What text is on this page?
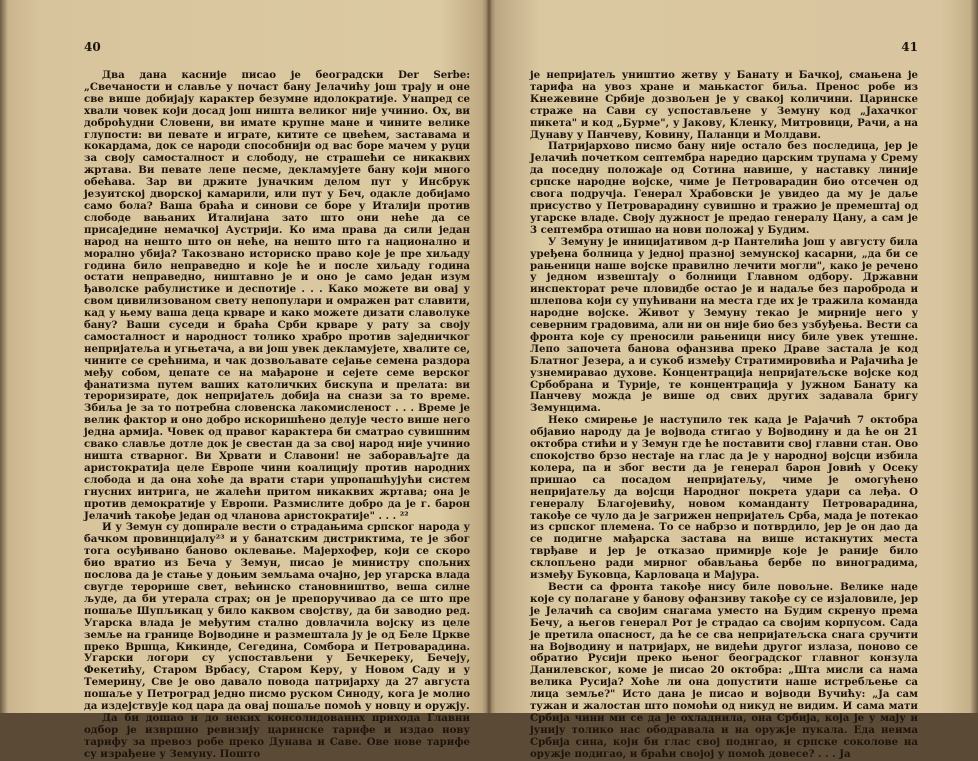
40

Два дана касније писао је београдски Der Serbe: „Свечаности и славље у почаст бану Јелачићу још трају и оне све више добијају карактер безумне идолократије. Унапред се хвали човек који досад још ништа великог није учинио. Ох, ви доброћудни Словени, ви имате крупне мане и чините велике глупости: ви певате и играте, китите се цвећем, заставама и кокардама, док се народи способнији од вас боре мачем у руци за своју самосталност и слободу, не страшећи се никаквих жртава. Ви певате лепе песме, декламујете бану који много обећава. Зар ви држите јуначким делом пут у Инсбрук језуитској дворској камарили, или пут у Беч, одакле добијамо само бола? Ваша браћа и синови се боре у Италији против слободе вањаних Италијана зато што они неће да се присаједине немачкој Аустрији. Ко има права да сили један народ на нешто што он неће, на нешто што га национално и морално убија? Такозвано историско право које је пре хиљаду година било неправедно и које ће и после хиљаду година остати неправедно, ништавно је и оно је само један изум ђаволске рабулистике и деспотије . . . Како можете ви овај у свом цивилизованом свету непопулари и омражен рат славити, кад у њему ваша деца крваре и како можете дизати славолуке бану? Ваши суседи и браћа Срби крваре у рату за своју самосталност и народност толико храбро против заједничког непријатеља и угњетача, а ви још увек декламујете, хвалите се, чините се срећнима, и чак дозвољавате сејање семена раздора међу собом, цепате се на мађароне и сејете семе верског фанатизма путем ваших католичких бискупа и прелата: ви тероризирате, док непријатељ добија на снази за то време. Збиља је за то потребна словенска лакомисленост . . . Време је велик фактор и оно добро искоришћено делује често више него једна армија. Човек од правог карактера би сматрао сувишним свако славље дотле док је свестан да за свој народ није учинио ништа стварног. Ви Хрвати и Славони! не заборављајте да аристократија целе Европе чини коалицију против народних слобода и да она хоће да врати стари упропашћујући систем гнусних интрига, не жалећи притом никаквих жртава; она је против демократије у Европи. Размислите добро да је г. барон Јелачић такође један од чланова аристократије" . . . ²²

И у Земун су допирале вести о страдањима српског народа у бачком провинцијалу²³ и у банатским дистриктима, те је због тога осуђивано баново оклевање. Мајерхофер, који се скоро био вратио из Беча у Земун, писао је министру спољних послова да је стање у доњим земљама очајно, јер угарска влада свугде терорише свет, већинско становништво, веша силне људе, да би утерала страх; он је препоручивао да се што пре пошаље Шупљикац у било каквом својству, да би заводио ред. Угарска влада је међутим стално довлачила војску из целе земље на границе Војводине и размештала ју је од Беле Цркве преко Вршца, Кикинде, Сегедина, Сомбора и Петроварадина. Угарски логори су успостављени у Бечкереку, Бечеју, Фекетићу, Старом Врбасу, Старом Керу, у Новом Саду и у Темерину, Све је ово давало повода патријарху да 27 августа пошаље у Петроград једно писмо руском Синоду, кога је молио да издејствује код цара да оваj пошаље помоћ у новцу и оружју.

Да би дошао и до неких консолидованих прихода Главни одбор је извршио ревизију царинске тарифе и издао нову тарифу за превоз робе преко Дунава и Саве. Ове нове тарифе су израђене у Земуну. Пошто

41

је непријатељ уништио жетву у Банату и Бачкој, смањена је тарифа на увоз хране и мањкастог биља. Пренос робе из Кнежевине Србије дозвољен је у свакој количини. Царинске страже на Сави су успостављене у Земуну код „Јахачког пикета" и код „Бурме", у Јакову, Кленку, Митровици, Рачи, а на Дунаву у Панчеву, Ковину, Паланци и Молдави.

Патријархово писмо бану није остало без последица, јер је Јелачић почетком септембра наредио царским трупама у Срему да поседну положаје од Сотина навише, у наставку линије српске народне војске, чиме је Петроварадин био отсечен од свога подручја. Генерал Храбовски је увидео да му је даље присуство у Петроварадину сувишно и тражио је премештај од угарске владе. Своју дужност је предао генералу Цану, а сам је 3 септембра отишао на нови положај у Будим.

У Земуну је иницијативом д-р Пантелића још у августу била уређена болница у једној празној земунској касарни, „да би се рањеници наше војске правилно лечити могли", како је речено у једном извештају о болници Главном одбору. Државни инспекторат рече пловидбе остао је и надаље без пароброда и шлепова који су упућивани на места где их је тражила команда народне војске. Живот у Земуну текао је мирније него у северним градовима, али ни он није био без узбуђења. Вести са фронта које су преносили рањеници нису биле увек утешне. Лепо започета банова офанзива преко Драве застала је код Блатног Језера, а и сукоб између Стратимировића и Рајачића је узнемиравао духове. Концентрација непријатељске војске код Србобрана и Турије, те концентрација у јужном Банату ка Панчеву можда је више од свих других задавала бригу Земунцима.

Неко смирење је наступило тек када је Рајачић 7 октобра објавио народу да је војвода стигао у Војводину и да ће он 21 октобра стићи и у Земун где ће поставити свој главни стан. Ово спокојство брзо нестаје на глас да је у народној војсци избила колера, па и због вести да је генерал барон Јовић у Осеку пришао са посадом непријатељу, чиме је омогућено непријатељу да војсци Народног покрета удари са леђа. О генералу Благојевићу, новом команданту Петроварадина, такође се чуло да је загрижен непријатељ Срба, мада је потекао из српског племена. То се набрзо и потврдило, јер је он дао да се подигне мађарска застава на више истакнутих места тврђаве и јер је отказао примирје које је раније било склопљено ради мирног обављања бербе по виноградима, између Буковца, Карловаца и Мајура.

Вести са фронта такође нису биле повољне. Велике наде које су полагане у банову офанзиву такође су се изјаловиле, јер је Јелачић са својим снагама уместо на Будим скренуо према Бечу, а његов генерал Рот је страдао са својим корпусом. Сада је претила опасност, да ће се сва непријатељска снага сручити на Војводину и патријарх, не видећи другог излаза, поново се обратио Русији преко њеног београдског главног конзула Данилевског, коме је писао 20 октобра: „Шта мисли са нама велика Русија? Хоће ли она допустити наше истребљење са лица земље?" Исто дана је писао и војводи Вучићу: „Ја сам тужан и жалостан што помоћи од никуд не видим. И сама мати Србија чини ми се да је охладнила, она Србија, која је у мају и јунију толико нас ободравала и на оружје пукала. Еда неима Србија сина, који би глас свој подигао, и српске соколове на оружје подигао, и браћи својој у помоћ довеcе? . . . Ја
